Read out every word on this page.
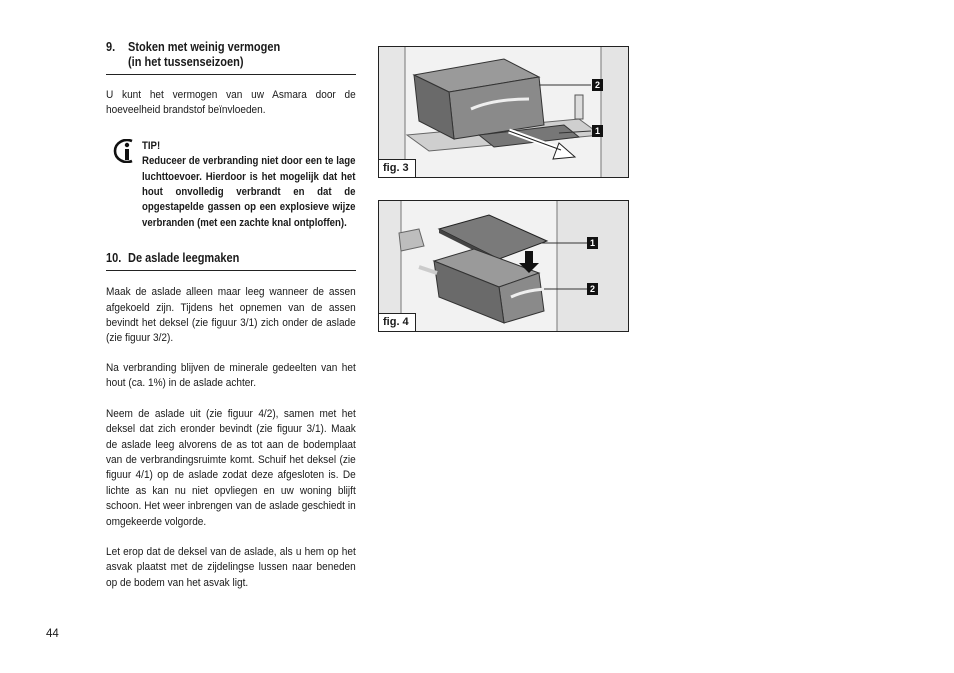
9. Stoken met weinig vermogen
(in het tussenseizoen)
U kunt het vermogen van uw Asmara door de hoeveelheid brandstof beïnvloeden.
TIP!
Reduceer de verbranding niet door een te lage luchttoevoer. Hierdoor is het mogelijk dat het hout onvolledig verbrandt en dat de opgestapelde gassen op een explosieve wijze verbranden (met een zachte knal ontploffen).
10. De aslade leegmaken
Maak de aslade alleen maar leeg wanneer de assen afgekoeld zijn. Tijdens het opnemen van de assen bevindt het deksel (zie figuur 3/1) zich onder de aslade (zie figuur 3/2).
Na verbranding blijven de minerale gedeelten van het hout (ca. 1%) in de aslade achter.
Neem de aslade uit (zie figuur 4/2), samen met het deksel dat zich eronder bevindt (zie figuur 3/1). Maak de aslade leeg alvorens de as tot aan de bodemplaat van de verbrandingsruimte komt. Schuif het deksel (zie figuur 4/1) op de aslade zodat deze afgesloten is. De lichte as kan nu niet opvliegen en uw woning blijft schoon. Het weer inbrengen van de aslade geschiedt in omgekeerde volgorde.
Let erop dat de deksel van de aslade, als u hem op het asvak plaatst met de zijdelingse lussen naar beneden op de bodem van het asvak ligt.
2
1
fig. 3
1
2
fig. 4
44
